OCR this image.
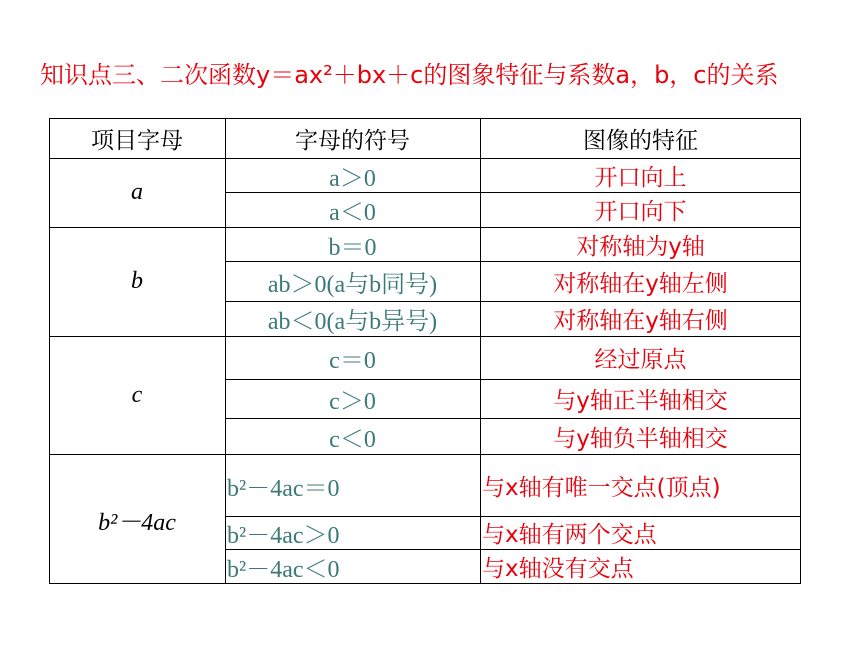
知识点三、二次函数y＝ax²＋bx＋c的图象特征与系数a，b，c的关系
项目字母	字母的符号	图像的特征
a
b
c
b²－4ac
a＞0
a＜0
b＝0
ab＞0(a与b同号)
ab＜0(a与b异号)
c＝0
c＞0
c＜0
b²－4ac＝0
b²－4ac＞0
b²－4ac＜0
开口向上
开口向下
对称轴为y轴
对称轴在y轴左侧
对称轴在y轴右侧
经过原点
与y轴正半轴相交
与y轴负半轴相交
与x轴有唯一交点(顶点)
与x轴有两个交点
与x轴没有交点
